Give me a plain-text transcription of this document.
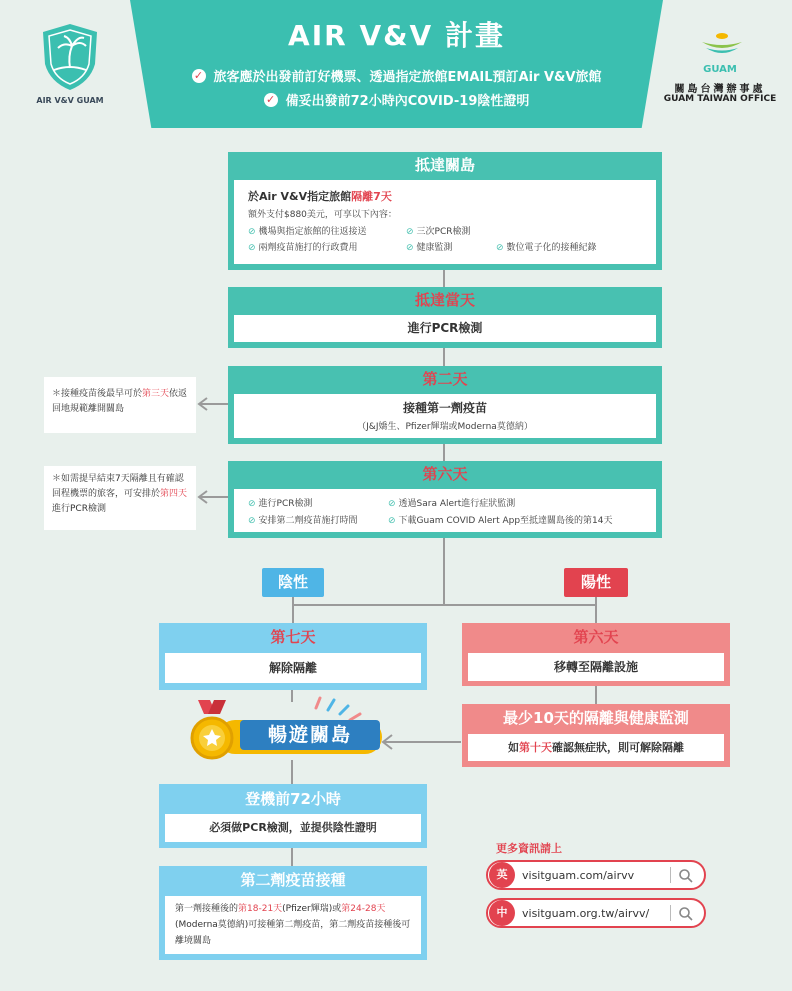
AIR V&V 計畫
✓ 旅客應於出發前訂好機票、透過指定旅館EMAIL預訂Air V&V旅館
✓ 備妥出發前72小時內COVID-19陰性證明
AIR V&V GUAM
GUAM
關島台灣辦事處
GUAM TAIWAN OFFICE
抵達關島
於Air V&V指定旅館隔離7天
額外支付$880美元，可享以下內容：
⊘ 機場與指定旅館的往返接送	⊘ 三次PCR檢測
⊘ 兩劑疫苗施打的行政費用	⊘ 健康監測	⊘ 數位電子化的接種紀錄
抵達當天
進行PCR檢測
第二天
接種第一劑疫苗
（J&J嬌生、Pfizer輝瑞或Moderna莫德納）
第六天
⊘ 進行PCR檢測	⊘ 透過Sara Alert進行症狀監測
⊘ 安排第二劑疫苗施打時間	⊘ 下載Guam COVID Alert App至抵達關島後的第14天
＊接種疫苗後最早可於第三天依返回地規範離開關島
＊如需提早結束7天隔離且有確認回程機票的旅客，可安排於第四天進行PCR檢測
陰性
第七天
解除隔離
陽性
第六天
移轉至隔離設施
最少10天的隔離與健康監測
如第十天確認無症狀，則可解除隔離
暢遊關島
登機前72小時
必須做PCR檢測，並提供陰性證明
第二劑疫苗接種
第一劑接種後的第18-21天(Pfizer輝瑞)或第24-28天(Moderna莫德納)可接種第二劑疫苗，第二劑疫苗接種後可離境關島
更多資訊請上
英	visitguam.com/airvv
中	visitguam.org.tw/airvv/
